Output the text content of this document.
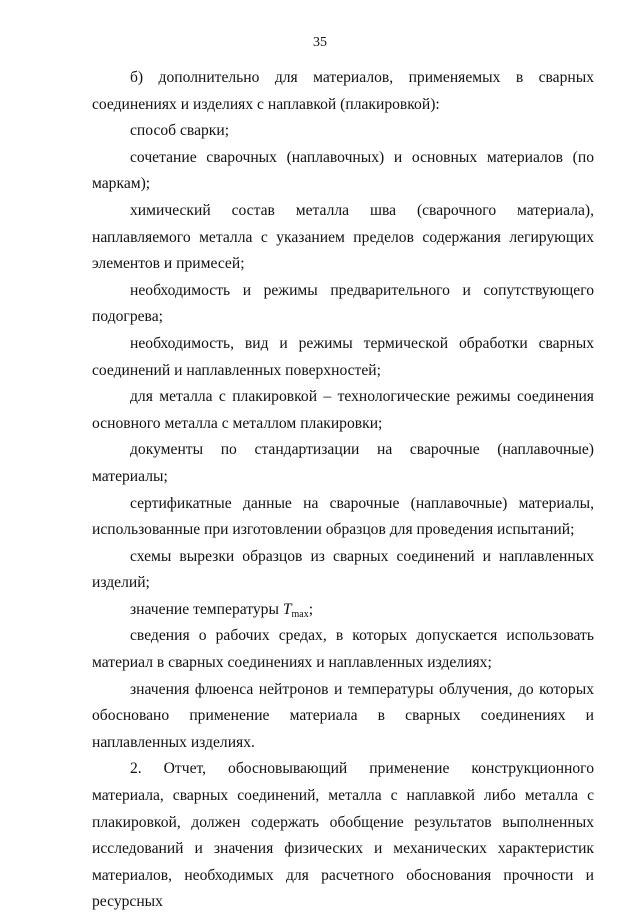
35

б) дополнительно для материалов, применяемых в сварных соединениях и изделиях с наплавкой (плакировкой):

способ сварки;

сочетание сварочных (наплавочных) и основных материалов (по маркам);

химический состав металла шва (сварочного материала), наплавляемого металла с указанием пределов содержания легирующих элементов и примесей;

необходимость и режимы предварительного и сопутствующего подогрева;

необходимость, вид и режимы термической обработки сварных соединений и наплавленных поверхностей;

для металла с плакировкой – технологические режимы соединения основного металла с металлом плакировки;

документы по стандартизации на сварочные (наплавочные) материалы;

сертификатные данные на сварочные (наплавочные) материалы, использованные при изготовлении образцов для проведения испытаний;

схемы вырезки образцов из сварных соединений и наплавленных изделий;

значение температуры $T_{max}$;

сведения о рабочих средах, в которых допускается использовать материал в сварных соединениях и наплавленных изделиях;

значения флюенса нейтронов и температуры облучения, до которых обосновано применение материала в сварных соединениях и наплавленных изделиях.

2. Отчет, обосновывающий применение конструкционного материала, сварных соединений, металла с наплавкой либо металла с плакировкой, должен содержать обобщение результатов выполненных исследований и значения физических и механических характеристик материалов, необходимых для расчетного обоснования прочности и ресурсных
